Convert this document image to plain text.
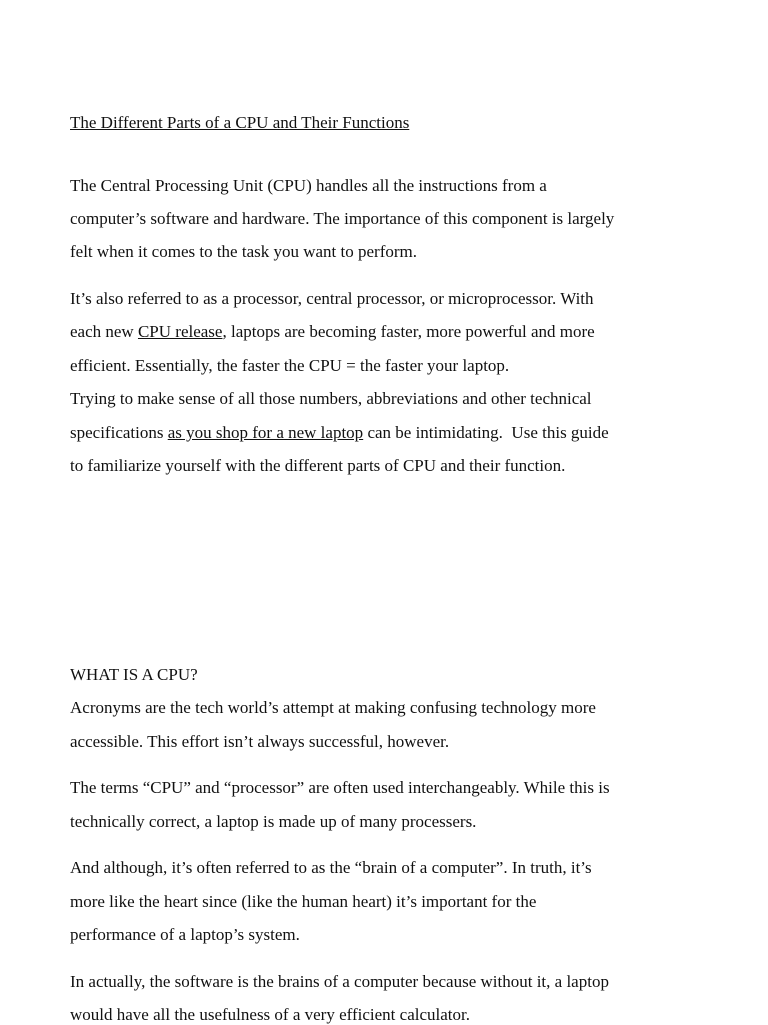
The Different Parts of a CPU and Their Functions
The Central Processing Unit (CPU) handles all the instructions from a
computer’s software and hardware. The importance of this component is largely
felt when it comes to the task you want to perform.
It’s also referred to as a processor, central processor, or microprocessor. With
each new CPU release, laptops are becoming faster, more powerful and more
efficient. Essentially, the faster the CPU = the faster your laptop.
Trying to make sense of all those numbers, abbreviations and other technical
specifications as you shop for a new laptop can be intimidating.  Use this guide
to familiarize yourself with the different parts of CPU and their function.
WHAT IS A CPU?
Acronyms are the tech world’s attempt at making confusing technology more
accessible. This effort isn’t always successful, however.
The terms “CPU” and “processor” are often used interchangeably. While this is
technically correct, a laptop is made up of many processers.
And although, it’s often referred to as the “brain of a computer”. In truth, it’s
more like the heart since (like the human heart) it’s important for the
performance of a laptop’s system.
In actually, the software is the brains of a computer because without it, a laptop
would have all the usefulness of a very efficient calculator.
